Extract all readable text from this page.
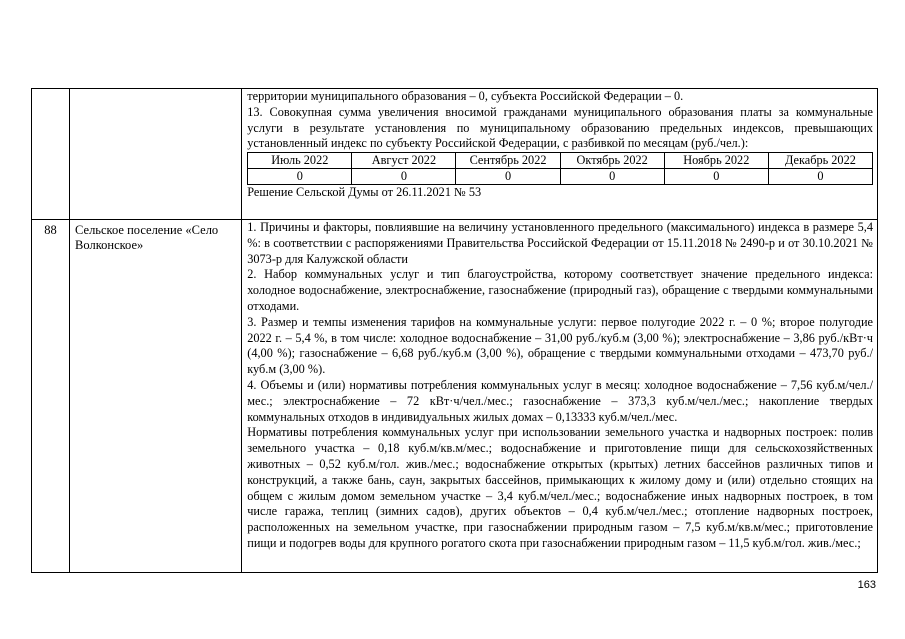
территории муниципального образования – 0, субъекта Российской Федерации – 0.

13. Совокупная сумма увеличения вносимой гражданами муниципального образования платы за коммунальные услуги в результате установления по муниципальному образованию предельных индексов, превышающих установленный индекс по субъекту Российской Федерации, с разбивкой по месяцам (руб./чел.):

Июль 2022	Август 2022	Сентябрь 2022	Октябрь 2022	Ноябрь 2022	Декабрь 2022
0	0	0	0	0	0

Решение Сельской Думы от 26.11.2021 № 53

88	Сельское поселение «Село Волконское»	

1. Причины и факторы, повлиявшие на величину установленного предельного (максимального) индекса в размере 5,4 %: в соответствии с распоряжениями Правительства Российской Федерации от 15.11.2018 № 2490-р и от 30.10.2021 № 3073-р для Калужской области

2. Набор коммунальных услуг и тип благоустройства, которому соответствует значение предельного индекса: холодное водоснабжение, электроснабжение, газоснабжение (природный газ), обращение с твердыми коммунальными отходами.

3. Размер и темпы изменения тарифов на коммунальные услуги: первое полугодие 2022 г. – 0 %; второе полугодие 2022 г. – 5,4 %, в том числе: холодное водоснабжение – 31,00 руб./куб.м (3,00 %); электроснабжение – 3,86 руб./кВт·ч (4,00 %); газоснабжение – 6,68 руб./куб.м (3,00 %), обращение с твердыми коммунальными отходами – 473,70 руб./куб.м (3,00 %).

4. Объемы и (или) нормативы потребления коммунальных услуг в месяц: холодное водоснабжение – 7,56 куб.м/чел./мес.; электроснабжение – 72 кВт·ч/чел./мес.; газоснабжение – 373,3 куб.м/чел./мес.; накопление твердых коммунальных отходов в индивидуальных жилых домах – 0,13333 куб.м/чел./мес.

Нормативы потребления коммунальных услуг при использовании земельного участка и надворных построек: полив земельного участка – 0,18 куб.м/кв.м/мес.; водоснабжение и приготовление пищи для сельскохозяйственных животных – 0,52 куб.м/гол. жив./мес.; водоснабжение открытых (крытых) летних бассейнов различных типов и конструкций, а также бань, саун, закрытых бассейнов, примыкающих к жилому дому и (или) отдельно стоящих на общем с жилым домом земельном участке – 3,4 куб.м/чел./мес.; водоснабжение иных надворных построек, в том числе гаража, теплиц (зимних садов), других объектов – 0,4 куб.м/чел./мес.; отопление надворных построек, расположенных на земельном участке, при газоснабжении природным газом – 7,5 куб.м/кв.м/мес.; приготовление пищи и подогрев воды для крупного рогатого скота при газоснабжении природным газом – 11,5 куб.м/гол. жив./мес.;

163
